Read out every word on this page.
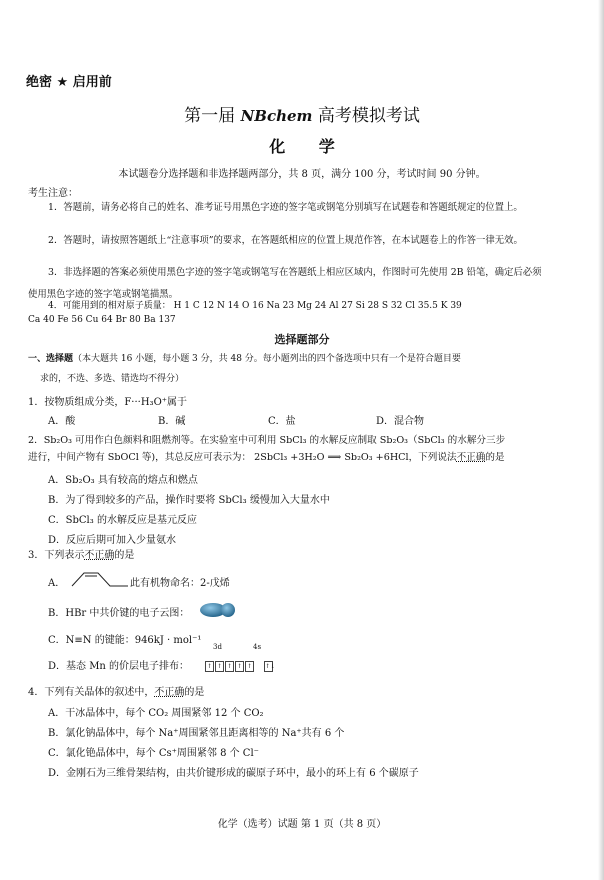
绝密 ★ 启用前
第一届 NBchem 高考模拟考试
化 学
本试题卷分选择题和非选择题两部分，共 8 页，满分 100 分，考试时间 90 分钟。
考生注意：
1．答题前，请务必将自己的姓名、准考证号用黑色字迹的签字笔或钢笔分别填写在试题卷和答题纸规定的位置上。
2．答题时，请按照答题纸上“注意事项”的要求，在答题纸相应的位置上规范作答，在本试题卷上的作答一律无效。
3．非选择题的答案必须使用黑色字迹的签字笔或钢笔写在答题纸上相应区域内，作图时可先使用 2B 铅笔，确定后必须使用黑色字迹的签字笔或钢笔描黑。
4．可能用到的相对原子质量： H 1 C 12 N 14 O 16 Na 23 Mg 24 Al 27 Si 28 S 32 Cl 35.5 K 39
Ca 40 Fe 56 Cu 64 Br 80 Ba 137
选择题部分
一、选择题（本大题共 16 小题，每小题 3 分，共 48 分。每小题列出的四个备选项中只有一个是符合题目要
求的，不选、多选、错选均不得分）
1．按物质组成分类，F···H₃O⁺属于
A．酸	B．碱	C．盐	D．混合物
2．Sb₂O₃ 可用作白色颜料和阻燃剂等。在实验室中可利用 SbCl₃ 的水解反应制取 Sb₂O₃（SbCl₃ 的水解分三步
进行，中间产物有 SbOCl 等)，其总反应可表示为： 2SbCl₃ +3H₂O ⟹ Sb₂O₃ +6HCl，下列说法不正确的是
A．Sb₂O₃ 具有较高的熔点和燃点
B．为了得到较多的产品，操作时要将 SbCl₃ 缓慢加入大量水中
C．SbCl₃ 的水解反应是基元反应
D．反应后期可加入少量氨水
3．下列表示不正确的是
A．	此有机物命名：2-戊烯
B．HBr 中共价键的电子云图：
C．N≡N 的键能：946kJ · mol⁻¹
D．基态 Mn 的价层电子排布：
3d	4s
↑ ↑ ↑ ↑ ↑ ↑↓
4．下列有关晶体的叙述中，不正确的是
A．干冰晶体中，每个 CO₂ 周围紧邻 12 个 CO₂
B．氯化钠晶体中，每个 Na⁺周围紧邻且距离相等的 Na⁺共有 6 个
C．氯化铯晶体中，每个 Cs⁺周围紧邻 8 个 Cl⁻
D．金刚石为三维骨架结构，由共价键形成的碳原子环中，最小的环上有 6 个碳原子
化学（选考）试题 第 1 页（共 8 页）
